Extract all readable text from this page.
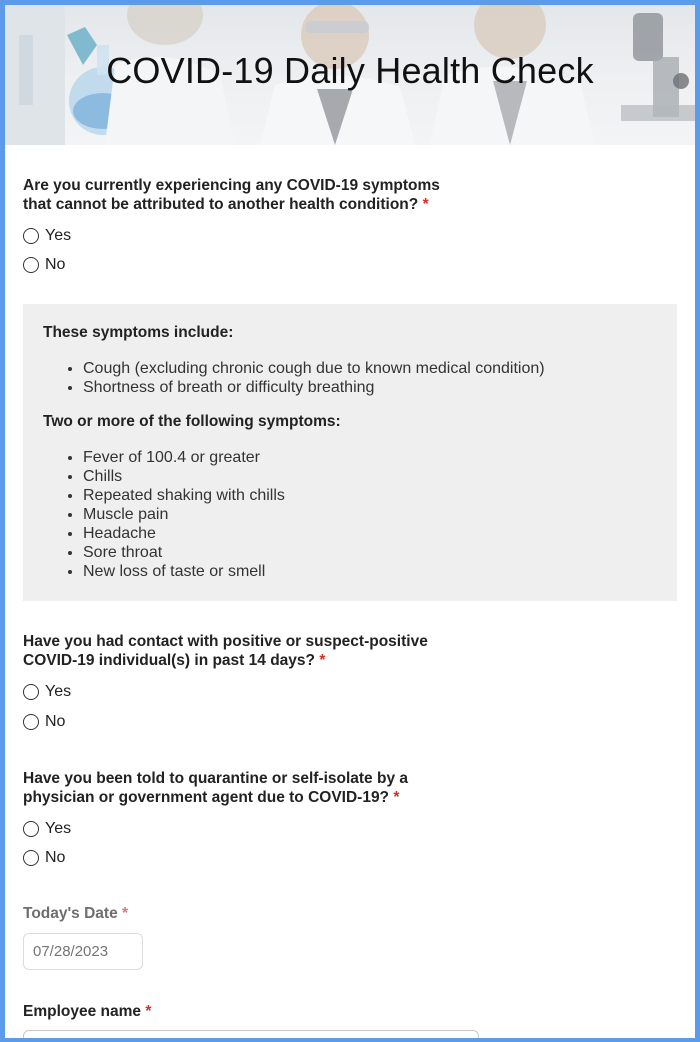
COVID-19 Daily Health Check
Are you currently experiencing any COVID-19 symptoms that cannot be attributed to another health condition? *
Yes
No
These symptoms include:
• Cough (excluding chronic cough due to known medical condition)
• Shortness of breath or difficulty breathing
Two or more of the following symptoms:
• Fever of 100.4 or greater
• Chills
• Repeated shaking with chills
• Muscle pain
• Headache
• Sore throat
• New loss of taste or smell
Have you had contact with positive or suspect-positive COVID-19 individual(s) in past 14 days? *
Yes
No
Have you been told to quarantine or self-isolate by a physician or government agent due to COVID-19? *
Yes
No
Today's Date *
07/28/2023
Employee name *
